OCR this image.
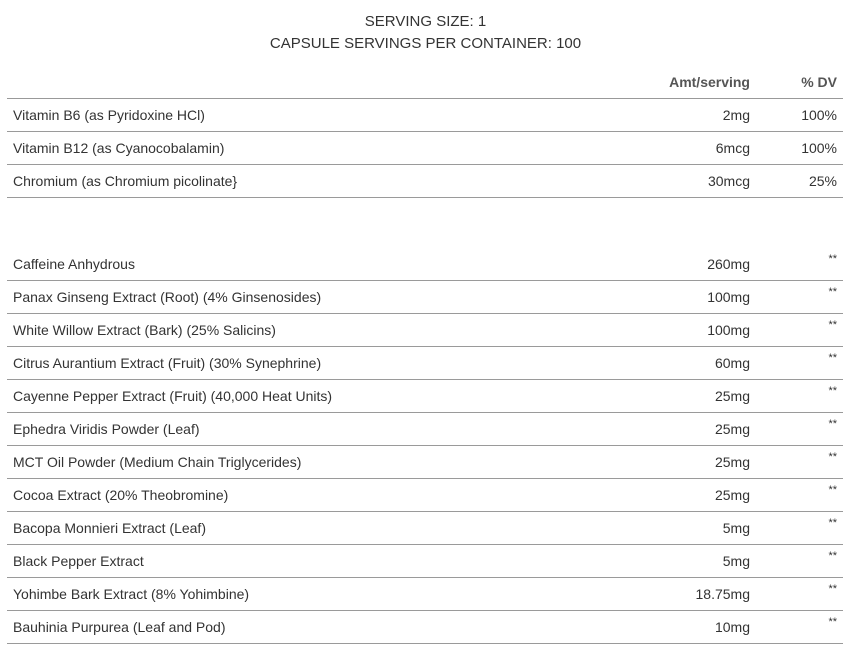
SERVING SIZE: 1
CAPSULE SERVINGS PER CONTAINER: 100
	Amt/serving	% DV
Vitamin B6 (as Pyridoxine HCl)	2mg	100%
Vitamin B12 (as Cyanocobalamin)	6mcg	100%
Chromium (as Chromium picolinate}	30mcg	25%

Caffeine Anhydrous	260mg	**
Panax Ginseng Extract (Root) (4% Ginsenosides)	100mg	**
White Willow Extract (Bark) (25% Salicins)	100mg	**
Citrus Aurantium Extract (Fruit) (30% Synephrine)	60mg	**
Cayenne Pepper Extract (Fruit) (40,000 Heat Units)	25mg	**
Ephedra Viridis Powder (Leaf)	25mg	**
MCT Oil Powder (Medium Chain Triglycerides)	25mg	**
Cocoa Extract (20% Theobromine)	25mg	**
Bacopa Monnieri Extract (Leaf)	5mg	**
Black Pepper Extract	5mg	**
Yohimbe Bark Extract (8% Yohimbine)	18.75mg	**
Bauhinia Purpurea (Leaf and Pod)	10mg	**
